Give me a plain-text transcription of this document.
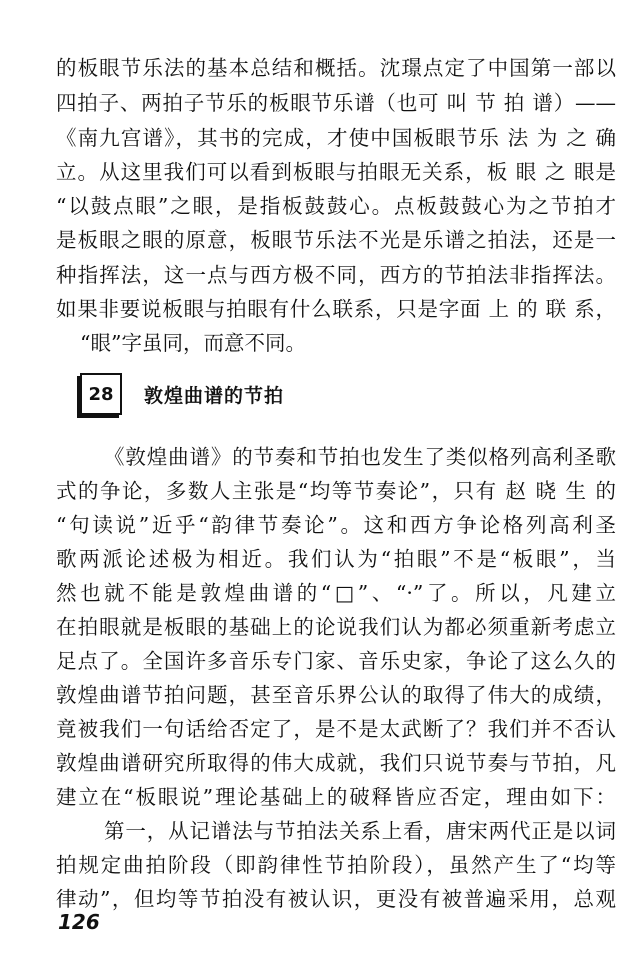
的板眼节乐法的基本总结和概括。沈璟点定了中国第一部以
四拍子、两拍子节乐的板眼节乐谱（也可 叫 节 拍 谱）——
《南九宫谱》，其书的完成，才使中国板眼节乐 法 为 之 确
立。从这里我们可以看到板眼与拍眼无关系，板 眼 之 眼是
“以鼓点眼”之眼，是指板鼓鼓心。点板鼓鼓心为之节拍才
是板眼之眼的原意，板眼节乐法不光是乐谱之拍法，还是一
种指挥法，这一点与西方极不同，西方的节拍法非指挥法。
如果非要说板眼与拍眼有什么联系，只是字面 上 的 联 系，
“眼”字虽同，而意不同。
28	敦煌曲谱的节拍
《敦煌曲谱》的节奏和节拍也发生了类似格列高利圣歌
式的争论，多数人主张是“均等节奏论”，只有 赵 晓 生 的
“句读说”近乎“韵律节奏论”。这和西方争论格列高利圣
歌两派论述极为相近。我们认为“拍眼”不是“板眼”，当
然也就不能是敦煌曲谱的“□”、“·”了。所以，凡建立
在拍眼就是板眼的基础上的论说我们认为都必须重新考虑立
足点了。全国许多音乐专门家、音乐史家，争论了这么久的
敦煌曲谱节拍问题，甚至音乐界公认的取得了伟大的成绩，
竟被我们一句话给否定了，是不是太武断了？我们并不否认
敦煌曲谱研究所取得的伟大成就，我们只说节奏与节拍，凡
建立在“板眼说”理论基础上的破释皆应否定，理由如下：
第一，从记谱法与节拍法关系上看，唐宋两代正是以词
拍规定曲拍阶段（即韵律性节拍阶段），虽然产生了“均等
律动”，但均等节拍没有被认识，更没有被普遍采用，总观
126
